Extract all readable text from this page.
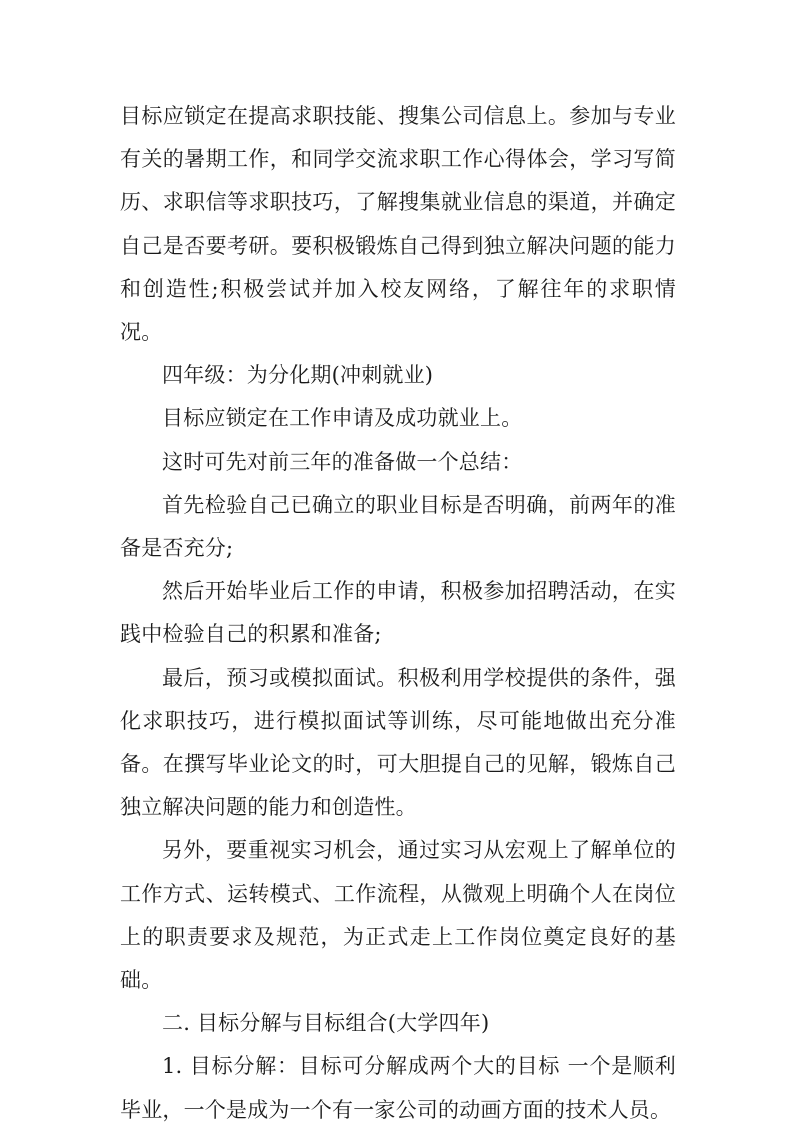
目标应锁定在提高求职技能、搜集公司信息上。参加与专业有关的暑期工作，和同学交流求职工作心得体会，学习写简历、求职信等求职技巧，了解搜集就业信息的渠道，并确定自己是否要考研。要积极锻炼自己得到独立解决问题的能力和创造性;积极尝试并加入校友网络，了解往年的求职情况。

四年级：为分化期(冲刺就业)

目标应锁定在工作申请及成功就业上。

这时可先对前三年的准备做一个总结：

首先检验自己已确立的职业目标是否明确，前两年的准备是否充分;

然后开始毕业后工作的申请，积极参加招聘活动，在实践中检验自己的积累和准备;

最后，预习或模拟面试。积极利用学校提供的条件，强化求职技巧，进行模拟面试等训练，尽可能地做出充分准备。在撰写毕业论文的时，可大胆提自己的见解，锻炼自己独立解决问题的能力和创造性。

另外，要重视实习机会，通过实习从宏观上了解单位的工作方式、运转模式、工作流程，从微观上明确个人在岗位上的职责要求及规范，为正式走上工作岗位奠定良好的基础。

二. 目标分解与目标组合(大学四年)

1. 目标分解：目标可分解成两个大的目标 一个是顺利毕业，一个是成为一个有一家公司的动画方面的技术人员。
